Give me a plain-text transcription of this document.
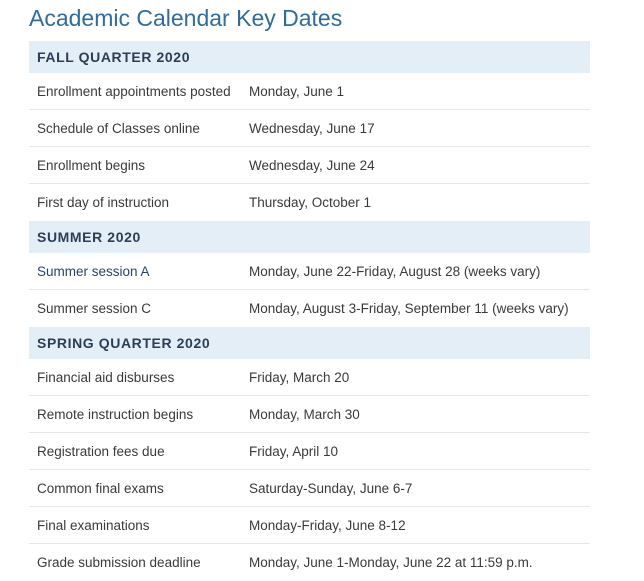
Academic Calendar Key Dates
FALL QUARTER 2020
Enrollment appointments posted	Monday, June 1
Schedule of Classes online	Wednesday, June 17
Enrollment begins	Wednesday, June 24
First day of instruction	Thursday, October 1
SUMMER 2020
Summer session A	Monday, June 22-Friday, August 28 (weeks vary)
Summer session C	Monday, August 3-Friday, September 11 (weeks vary)
SPRING QUARTER 2020
Financial aid disburses	Friday, March 20
Remote instruction begins	Monday, March 30
Registration fees due	Friday, April 10
Common final exams	Saturday-Sunday, June 6-7
Final examinations	Monday-Friday, June 8-12
Grade submission deadline	Monday, June 1-Monday, June 22 at 11:59 p.m.
